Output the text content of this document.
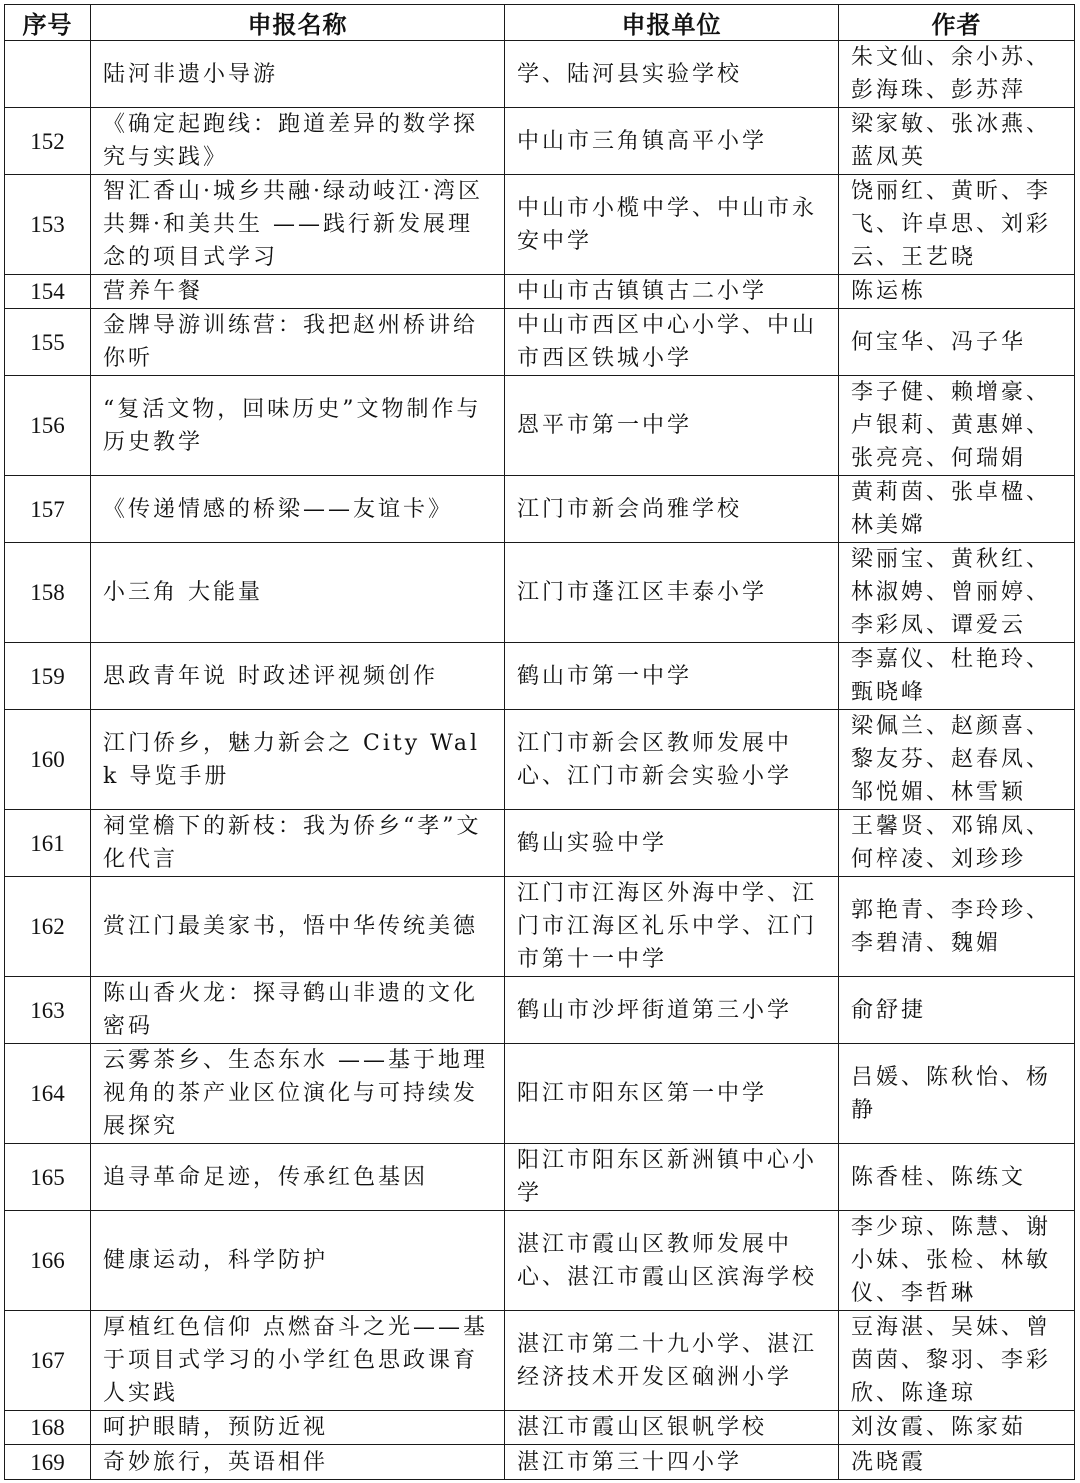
序号	申报名称	申报单位	作者
	陆河非遗小导游	学、陆河县实验学校	朱文仙、余小苏、彭海珠、彭苏萍
152	《确定起跑线：跑道差异的数学探究与实践》	中山市三角镇高平小学	梁家敏、张冰燕、蓝凤英
153	智汇香山·城乡共融·绿动岐江·湾区共舞·和美共生 ——践行新发展理念的项目式学习	中山市小榄中学、中山市永安中学	饶丽红、黄昕、李飞、许卓思、刘彩云、王艺晓
154	营养午餐	中山市古镇镇古二小学	陈运栋
155	金牌导游训练营：我把赵州桥讲给你听	中山市西区中心小学、中山市西区铁城小学	何宝华、冯子华
156	“复活文物，回味历史”文物制作与历史教学	恩平市第一中学	李子健、赖增豪、卢银莉、黄惠婵、张亮亮、何瑞娟
157	《传递情感的桥梁——友谊卡》	江门市新会尚雅学校	黄莉茵、张卓楹、林美嫦
158	小三角 大能量	江门市蓬江区丰泰小学	梁丽宝、黄秋红、林淑娉、曾丽婷、李彩凤、谭爱云
159	思政青年说 时政述评视频创作	鹤山市第一中学	李嘉仪、杜艳玲、甄晓峰
160	江门侨乡，魅力新会之 City Walk 导览手册	江门市新会区教师发展中心、江门市新会实验小学	梁佩兰、赵颜喜、黎友芬、赵春凤、邹悦媚、林雪颖
161	祠堂檐下的新枝：我为侨乡“孝”文化代言	鹤山实验中学	王馨贤、邓锦凤、何梓凌、刘珍珍
162	赏江门最美家书，悟中华传统美德	江门市江海区外海中学、江门市江海区礼乐中学、江门市第十一中学	郭艳青、李玲珍、李碧清、魏媚
163	陈山香火龙：探寻鹤山非遗的文化密码	鹤山市沙坪街道第三小学	俞舒捷
164	云雾茶乡、生态东水 ——基于地理视角的茶产业区位演化与可持续发展探究	阳江市阳东区第一中学	吕媛、陈秋怡、杨静
165	追寻革命足迹，传承红色基因	阳江市阳东区新洲镇中心小学	陈香桂、陈练文
166	健康运动，科学防护	湛江市霞山区教师发展中心、湛江市霞山区滨海学校	李少琼、陈慧、谢小妹、张检、林敏仪、李哲琳
167	厚植红色信仰 点燃奋斗之光——基于项目式学习的小学红色思政课育人实践	湛江市第二十九小学、湛江经济技术开发区硇洲小学	豆海湛、吴妹、曾茵茵、黎羽、李彩欣、陈逢琼
168	呵护眼睛，预防近视	湛江市霞山区银帆学校	刘汝霞、陈家茹
169	奇妙旅行，英语相伴	湛江市第三十四小学	冼晓霞
